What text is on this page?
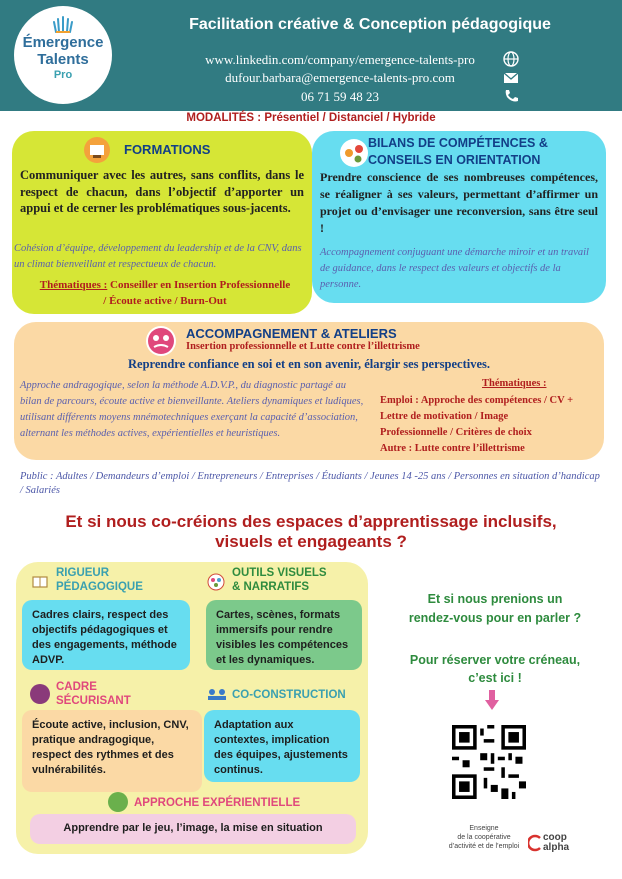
Émergence
Talents
Pro
Facilitation créative & Conception pédagogique
www.linkedin.com/company/emergence-talents-pro
dufour.barbara@emergence-talents-pro.com
06 71 59 48 23
MODALITÉS : Présentiel / Distanciel / Hybride
FORMATIONS
Communiquer avec les autres, sans conflits, dans le respect de chacun, dans l’objectif d’apporter un appui et de cerner les problématiques sous-jacents.
Cohésion d’équipe, développement du leadership et de la CNV, dans un climat bienveillant et respectueux de chacun.
Thématiques : Conseiller en Insertion Professionnelle
/ Écoute active / Burn-Out
BILANS DE COMPÉTENCES &
CONSEILS EN ORIENTATION
Prendre conscience de ses nombreuses compétences, se réaligner à ses valeurs, permettant d’affirmer un projet ou d’envisager une reconversion, sans être seul !
Accompagnement conjuguant une démarche miroir et un travail de guidance, dans le respect des valeurs et objectifs de la personne.
ACCOMPAGNEMENT & ATELIERS
Insertion professionnelle et Lutte contre l’illettrisme
Reprendre confiance en soi et en son avenir, élargir ses perspectives.
Approche andragogique, selon la méthode A.D.V.P., du diagnostic partagé au bilan de parcours, écoute active et bienveillante. Ateliers dynamiques et ludiques, utilisant différents moyens mnémotechniques exerçant la capacité d’association, alternant les méthodes actives, expérientielles et heuristiques.
Thématiques :
Emploi : Approche des compétences / CV +
Lettre de motivation / Image
Professionnelle / Critères de choix
Autre : Lutte contre l’illettrisme
Public : Adultes / Demandeurs d’emploi / Entrepreneurs / Entreprises / Étudiants / Jeunes 14 -25 ans / Personnes en situation d’handicap / Salariés
Et si nous co-créions des espaces d’apprentissage inclusifs,
visuels et engageants ?
RIGUEUR
PÉDAGOGIQUE
Cadres clairs, respect des objectifs pédagogiques et des engagements, méthode ADVP.
OUTILS VISUELS
& NARRATIFS
Cartes, scènes, formats immersifs pour rendre visibles les compétences et les dynamiques.
CADRE
SÉCURISANT
Écoute active, inclusion, CNV, pratique andragogique, respect des rythmes et des vulnérabilités.
CO-CONSTRUCTION
Adaptation aux contextes, implication des équipes, ajustements continus.
APPROCHE EXPÉRIENTIELLE
Apprendre par le jeu, l’image, la mise en situation
Et si nous prenions un
rendez-vous pour en parler ?
Pour réserver votre créneau,
c’est ici !
Enseigne
de la coopérative
d’activité et de l’emploi
coop
alpha
